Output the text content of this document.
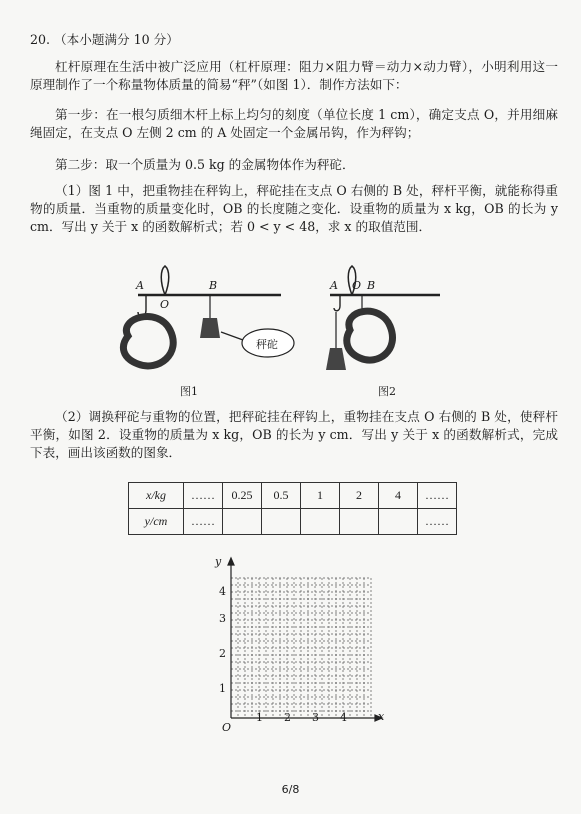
20. （本小题满分 10 分）
杠杆原理在生活中被广泛应用（杠杆原理：阻力×阻力臂＝动力×动力臂），小明利用这一原理制作了一个称量物体质量的简易“秤”（如图 1）．制作方法如下：
第一步：在一根匀质细木杆上标上均匀的刻度（单位长度 1 cm），确定支点 O，并用细麻绳固定，在支点 O 左侧 2 cm 的 A 处固定一个金属吊钩，作为秤钩；
第二步：取一个质量为 0.5 kg 的金属物体作为秤砣．
（1）图 1 中，把重物挂在秤钩上，秤砣挂在支点 O 右侧的 B 处，秤杆平衡，就能称得重物的质量．当重物的质量变化时，OB 的长度随之变化．设重物的质量为 x kg，OB 的长为 y cm．写出 y 关于 x 的函数解析式；若 0 < y < 48，求 x 的取值范围．
A
O
B
秤砣
图1
A O B
图2
（2）调换秤砣与重物的位置，把秤砣挂在秤钩上，重物挂在支点 O 右侧的 B 处，使秤杆平衡，如图 2．设重物的质量为 x kg，OB 的长为 y cm．写出 y 关于 x 的函数解析式，完成下表，画出该函数的图象．
x/kg	……	0.25	0.5	1	2	4	……
y/cm	……						……
x
y
O
1 2 3 4
1
2
3
4
6/8
